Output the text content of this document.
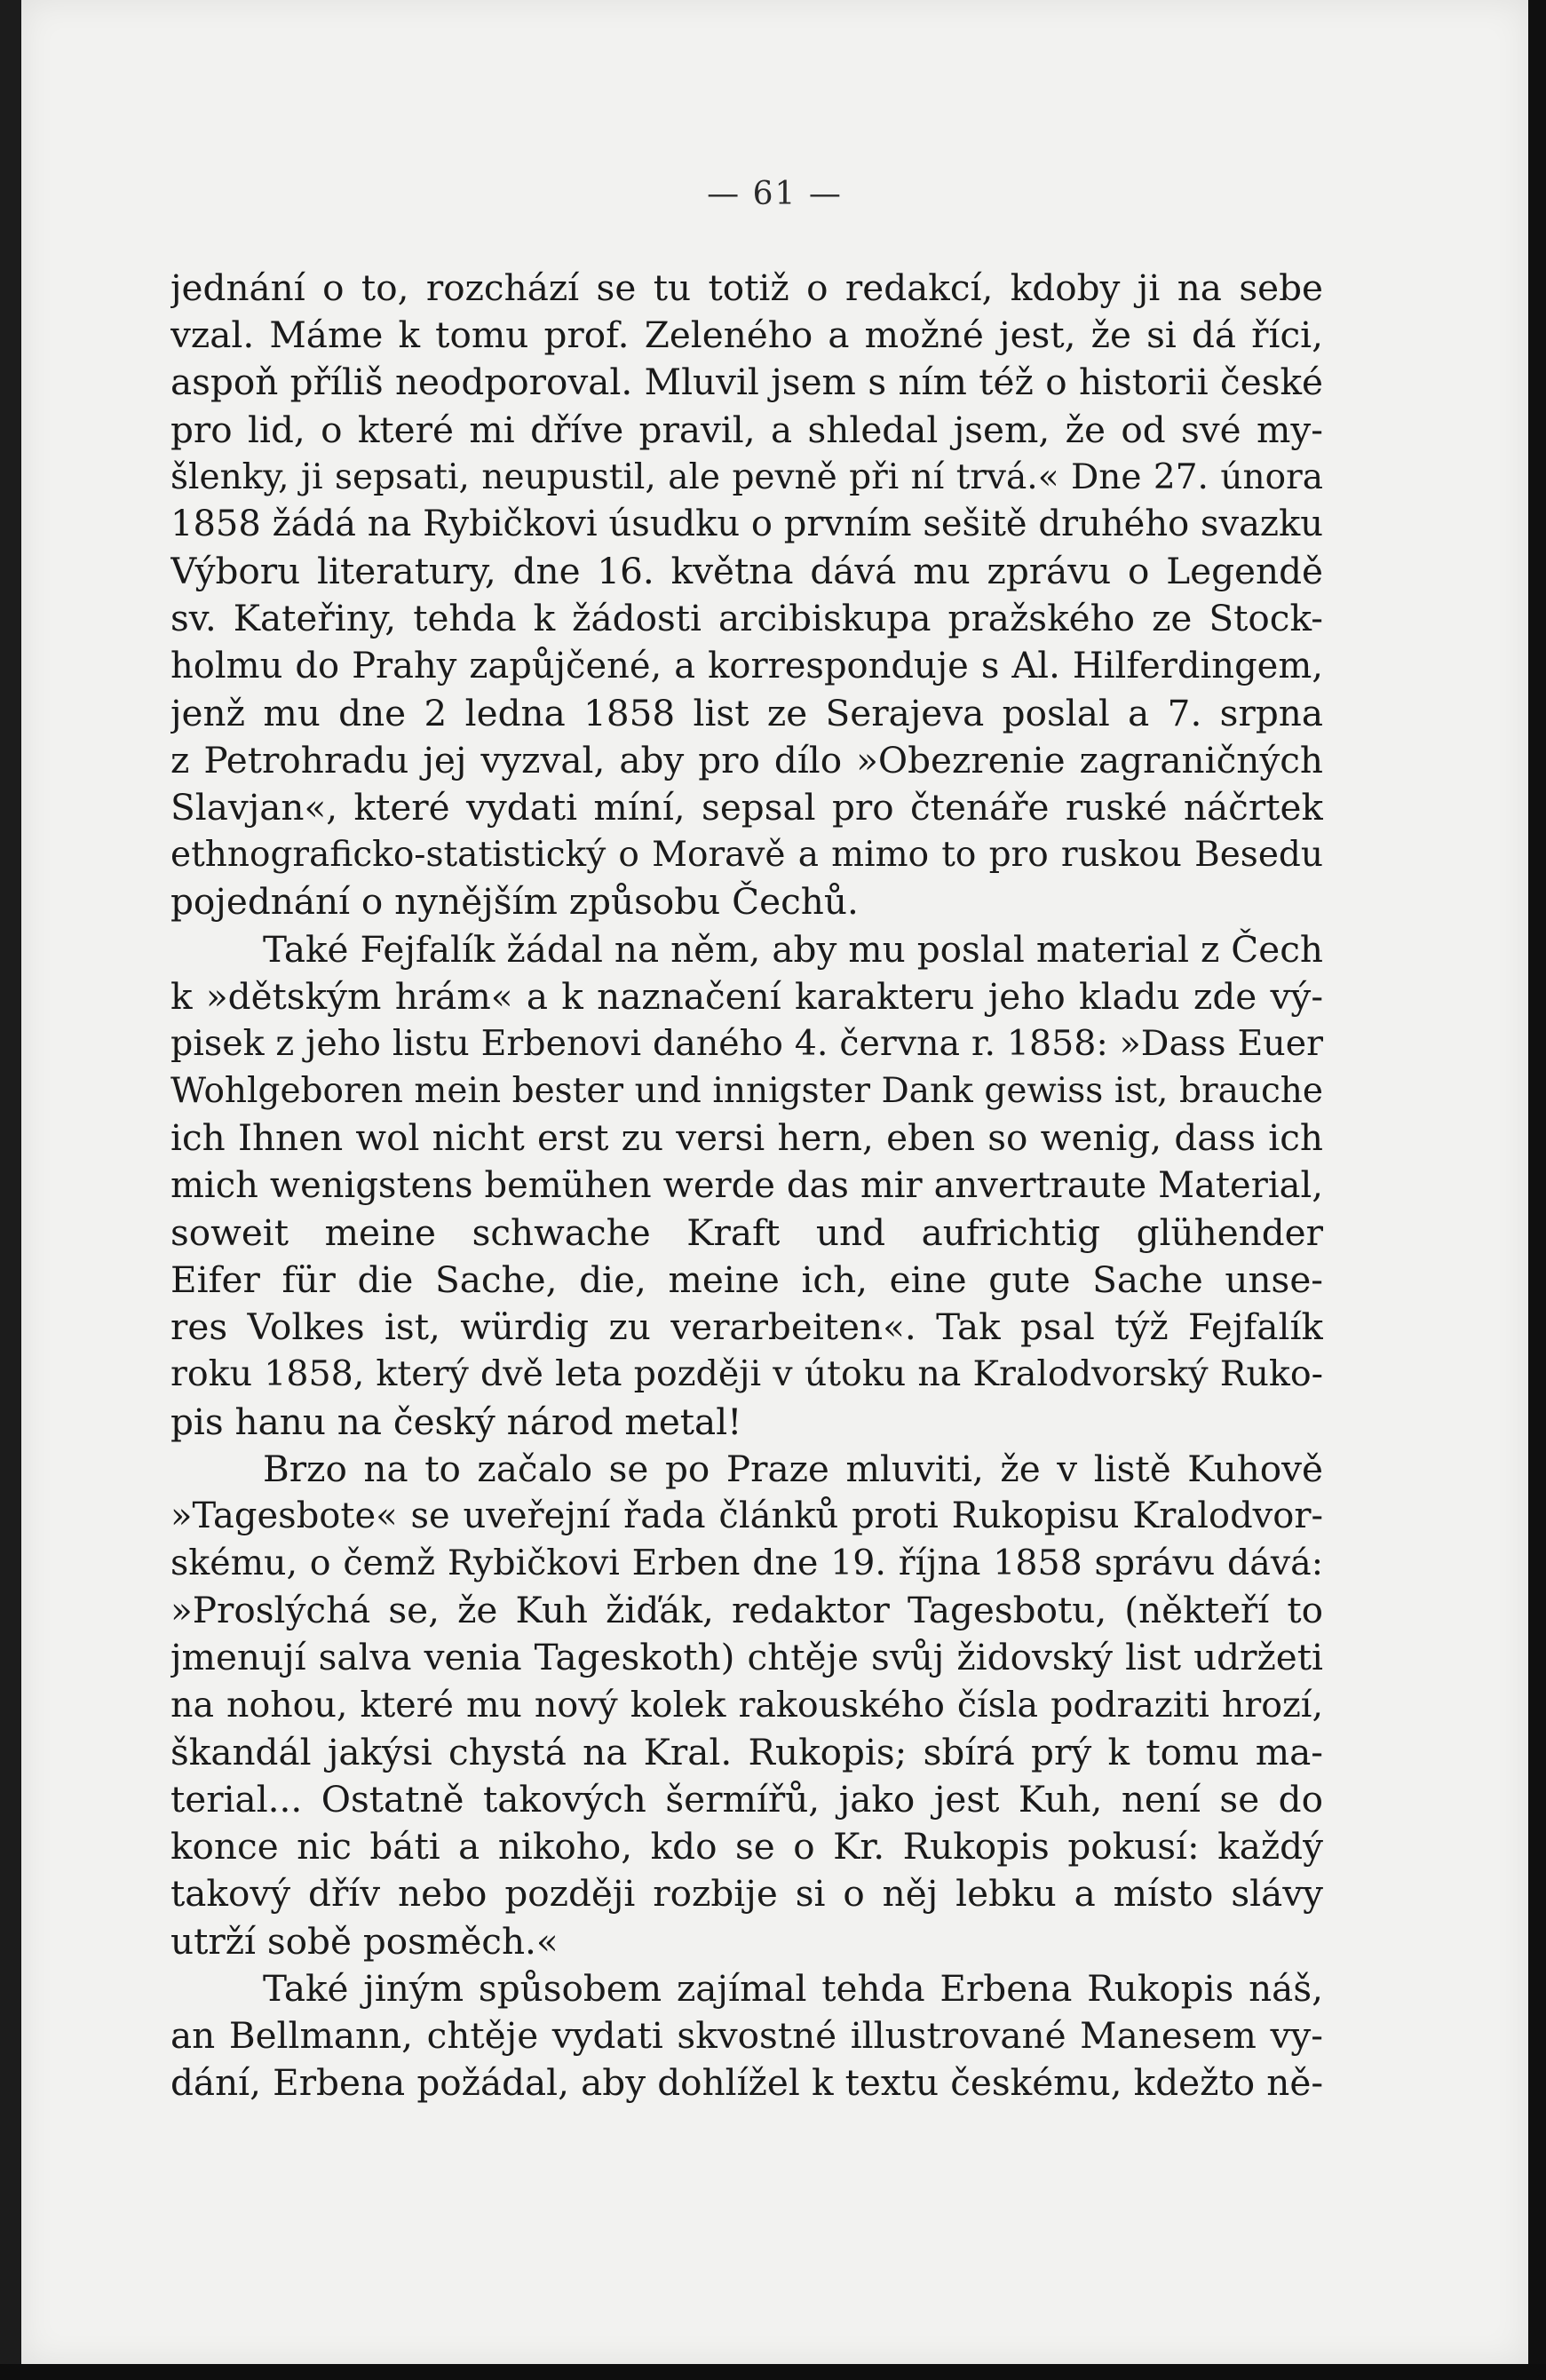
— 61 —
jednání o to, rozchází se tu totiž o redakcí, kdoby ji na sebe
vzal. Máme k tomu prof. Zeleného a možné jest, že si dá říci,
aspoň příliš neodporoval. Mluvil jsem s ním též o historii české
pro lid, o které mi dříve pravil, a shledal jsem, že od své my-
šlenky, ji sepsati, neupustil, ale pevně při ní trvá.« Dne 27. února
1858 žádá na Rybičkovi úsudku o prvním sešitě druhého svazku
Výboru literatury, dne 16. května dává mu zprávu o Legendě
sv. Kateřiny, tehda k žádosti arcibiskupa pražského ze Stock-
holmu do Prahy zapůjčené, a korresponduje s Al. Hilferdingem,
jenž mu dne 2 ledna 1858 list ze Serajeva poslal a 7. srpna
z Petrohradu jej vyzval, aby pro dílo »Obezrenie zagraničných
Slavjan«, které vydati míní, sepsal pro čtenáře ruské náčrtek
ethnograficko-statistický o Moravě a mimo to pro ruskou Besedu
pojednání o nynějším způsobu Čechů.
Také Fejfalík žádal na něm, aby mu poslal material z Čech
k »dětským hrám« a k naznačení karakteru jeho kladu zde vý-
pisek z jeho listu Erbenovi daného 4. června r. 1858: »Dass Euer
Wohlgeboren mein bester und innigster Dank gewiss ist, brauche
ich Ihnen wol nicht erst zu versi hern, eben so wenig, dass ich
mich wenigstens bemühen werde das mir anvertraute Material,
soweit meine schwache Kraft und aufrichtig glühender
Eifer für die Sache, die, meine ich, eine gute Sache unse-
res Volkes ist, würdig zu verarbeiten«. Tak psal týž Fejfalík
roku 1858, který dvě leta později v útoku na Kralodvorský Ruko-
pis hanu na český národ metal!
Brzo na to začalo se po Praze mluviti, že v listě Kuhově
»Tagesbote« se uveřejní řada článků proti Rukopisu Kralodvor-
skému, o čemž Rybičkovi Erben dne 19. října 1858 správu dává:
»Proslýchá se, že Kuh žiďák, redaktor Tagesbotu, (někteří to
jmenují salva venia Tageskoth) chtěje svůj židovský list udržeti
na nohou, které mu nový kolek rakouského čísla podraziti hrozí,
škandál jakýsi chystá na Kral. Rukopis; sbírá prý k tomu ma-
terial... Ostatně takových šermířů, jako jest Kuh, není se do
konce nic báti a nikoho, kdo se o Kr. Rukopis pokusí: každý
takový dřív nebo později rozbije si o něj lebku a místo slávy
utrží sobě posměch.«
Také jiným spůsobem zajímal tehda Erbena Rukopis náš,
an Bellmann, chtěje vydati skvostné illustrované Manesem vy-
dání, Erbena požádal, aby dohlížel k textu českému, kdežto ně-
